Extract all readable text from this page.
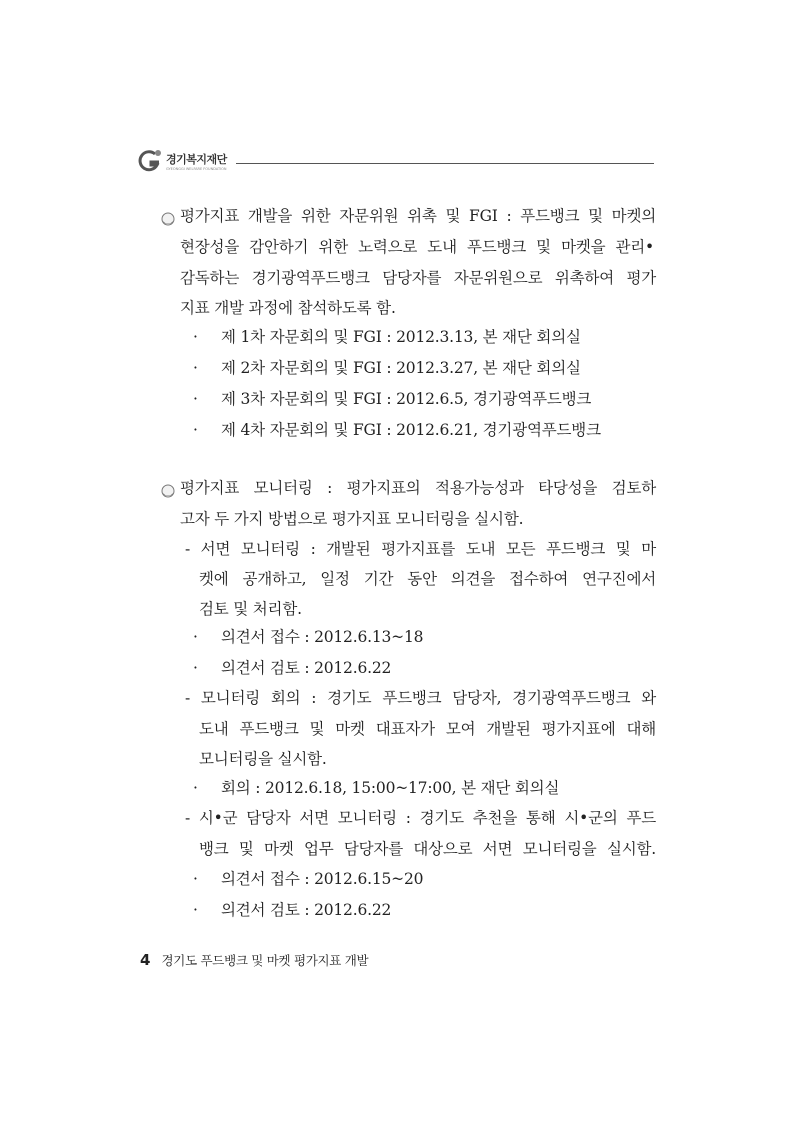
경기복지재단
GYEONGGI WELFARE FOUNDATION
평가지표 개발을 위한 자문위원 위촉 및 FGI : 푸드뱅크 및 마켓의
현장성을 감안하기 위한 노력으로 도내 푸드뱅크 및 마켓을 관리•
감독하는 경기광역푸드뱅크 담당자를 자문위원으로 위촉하여 평가
지표 개발 과정에 참석하도록 함.
· 제 1차 자문회의 및 FGI : 2012.3.13, 본 재단 회의실
· 제 2차 자문회의 및 FGI : 2012.3.27, 본 재단 회의실
· 제 3차 자문회의 및 FGI : 2012.6.5, 경기광역푸드뱅크
· 제 4차 자문회의 및 FGI : 2012.6.21, 경기광역푸드뱅크
평가지표 모니터링 : 평가지표의 적용가능성과 타당성을 검토하
고자 두 가지 방법으로 평가지표 모니터링을 실시함.
- 서면 모니터링 : 개발된 평가지표를 도내 모든 푸드뱅크 및 마
켓에 공개하고, 일정 기간 동안 의견을 접수하여 연구진에서
검토 및 처리함.
· 의견서 접수 : 2012.6.13~18
· 의견서 검토 : 2012.6.22
- 모니터링 회의 : 경기도 푸드뱅크 담당자, 경기광역푸드뱅크 와
도내 푸드뱅크 및 마켓 대표자가 모여 개발된 평가지표에 대해
모니터링을 실시함.
· 회의 : 2012.6.18, 15:00~17:00, 본 재단 회의실
- 시•군 담당자 서면 모니터링 : 경기도 추천을 통해 시•군의 푸드
뱅크 및 마켓 업무 담당자를 대상으로 서면 모니터링을 실시함.
· 의견서 접수 : 2012.6.15~20
· 의견서 검토 : 2012.6.22
4 경기도 푸드뱅크 및 마켓 평가지표 개발
